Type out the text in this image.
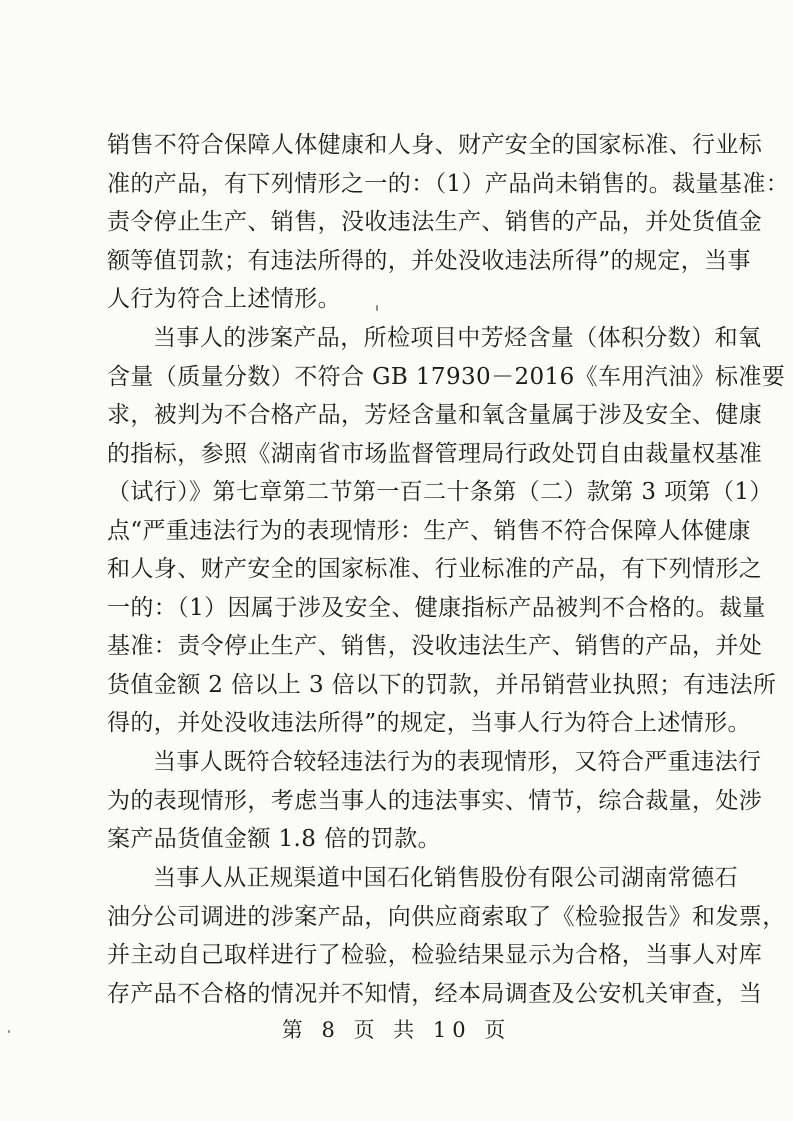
销售不符合保障人体健康和人身、财产安全的国家标准、行业标
准的产品，有下列情形之一的：（1）产品尚未销售的。裁量基准：
责令停止生产、销售，没收违法生产、销售的产品，并处货值金
额等值罚款；有违法所得的，并处没收违法所得”的规定，当事
人行为符合上述情形。
当事人的涉案产品，所检项目中芳烃含量（体积分数）和氧
含量（质量分数）不符合 GB 17930－2016《车用汽油》标准要
求，被判为不合格产品，芳烃含量和氧含量属于涉及安全、健康
的指标，参照《湖南省市场监督管理局行政处罚自由裁量权基准
（试行）》第七章第二节第一百二十条第（二）款第 3 项第（1）
点“严重违法行为的表现情形：生产、销售不符合保障人体健康
和人身、财产安全的国家标准、行业标准的产品，有下列情形之
一的：（1）因属于涉及安全、健康指标产品被判不合格的。裁量
基准：责令停止生产、销售，没收违法生产、销售的产品，并处
货值金额 2 倍以上 3 倍以下的罚款，并吊销营业执照；有违法所
得的，并处没收违法所得”的规定，当事人行为符合上述情形。
当事人既符合较轻违法行为的表现情形，又符合严重违法行
为的表现情形，考虑当事人的违法事实、情节，综合裁量，处涉
案产品货值金额 1.8 倍的罚款。
当事人从正规渠道中国石化销售股份有限公司湖南常德石
油分公司调进的涉案产品，向供应商索取了《检验报告》和发票，
并主动自己取样进行了检验，检验结果显示为合格，当事人对库
存产品不合格的情况并不知情，经本局调查及公安机关审查，当
第 8 页 共 10 页
